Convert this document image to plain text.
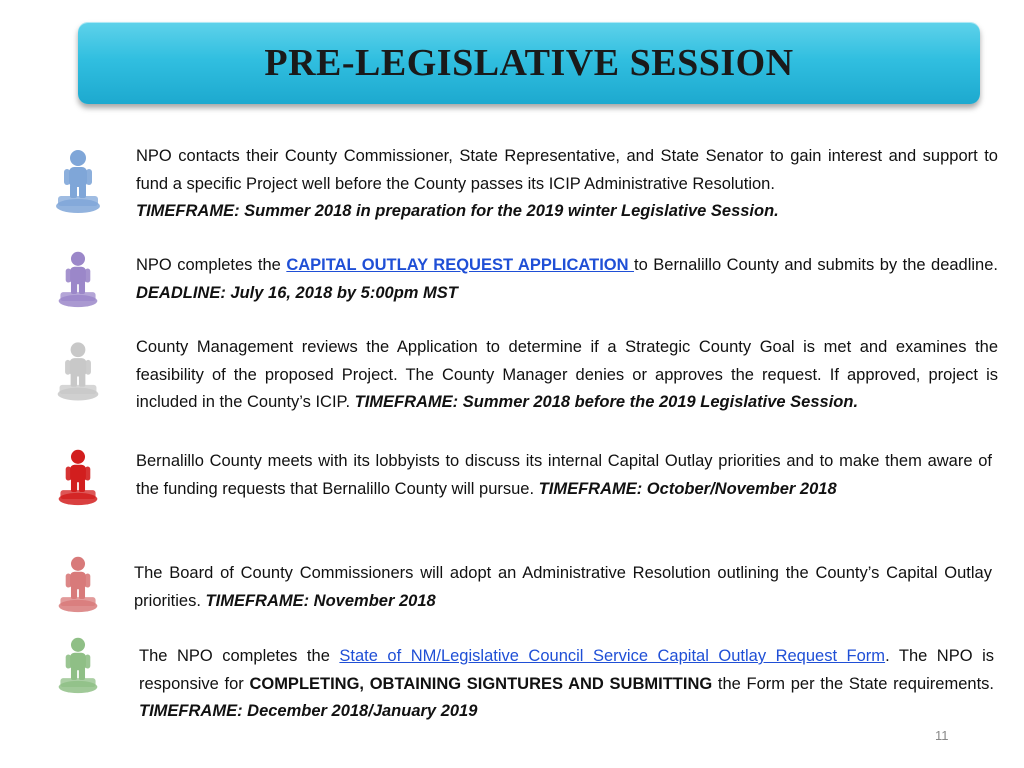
PRE-LEGISLATIVE SESSION

NPO contacts their County Commissioner, State Representative, and State Senator to gain interest and support to fund a specific Project well before the County passes its ICIP Administrative Resolution.
TIMEFRAME: Summer 2018 in preparation for the 2019 winter Legislative Session.

NPO completes the CAPITAL OUTLAY REQUEST APPLICATION to Bernalillo County and submits by the deadline. DEADLINE: July 16, 2018 by 5:00pm MST

County Management reviews the Application to determine if a Strategic County Goal is met and examines the feasibility of the proposed Project. The County Manager denies or approves the request. If approved, project is included in the County’s ICIP. TIMEFRAME: Summer 2018 before the 2019 Legislative Session.

Bernalillo County meets with its lobbyists to discuss its internal Capital Outlay priorities and to make them aware of the funding requests that Bernalillo County will pursue. TIMEFRAME: October/November 2018

The Board of County Commissioners will adopt an Administrative Resolution outlining the County’s Capital Outlay priorities. TIMEFRAME: November 2018

The NPO completes the State of NM/Legislative Council Service Capital Outlay Request Form. The NPO is responsive for COMPLETING, OBTAINING SIGNTURES AND SUBMITTING the Form per the State requirements. TIMEFRAME: December 2018/January 2019

11
